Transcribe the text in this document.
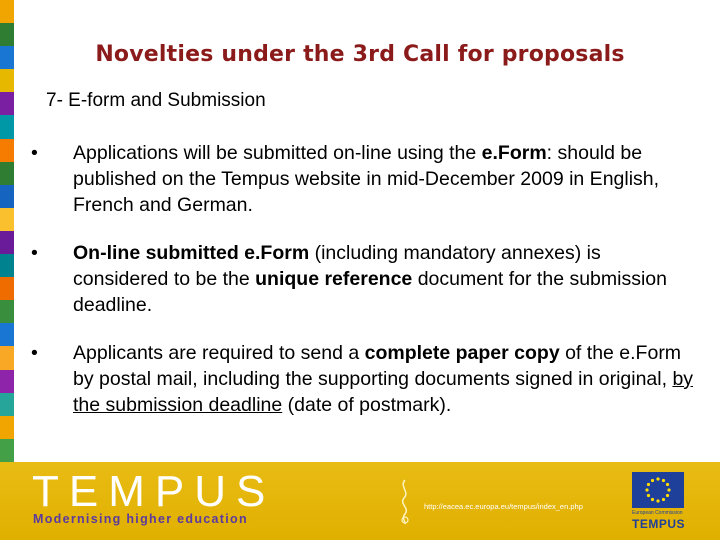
Novelties under the 3rd Call for proposals
7- E-form and Submission
• Applications will be submitted on-line using the e.Form: should be published on the Tempus website in mid-December 2009 in English, French and German.
• On-line submitted e.Form (including mandatory annexes) is considered to be the unique reference document for the submission deadline.
• Applicants are required to send a complete paper copy of the e.Form by postal mail, including the supporting documents signed in original, by the submission deadline (date of postmark).
TEMPUS
Modernising higher education
http://eacea.ec.europa.eu/tempus/index_en.php
European Commission
TEMPUS
